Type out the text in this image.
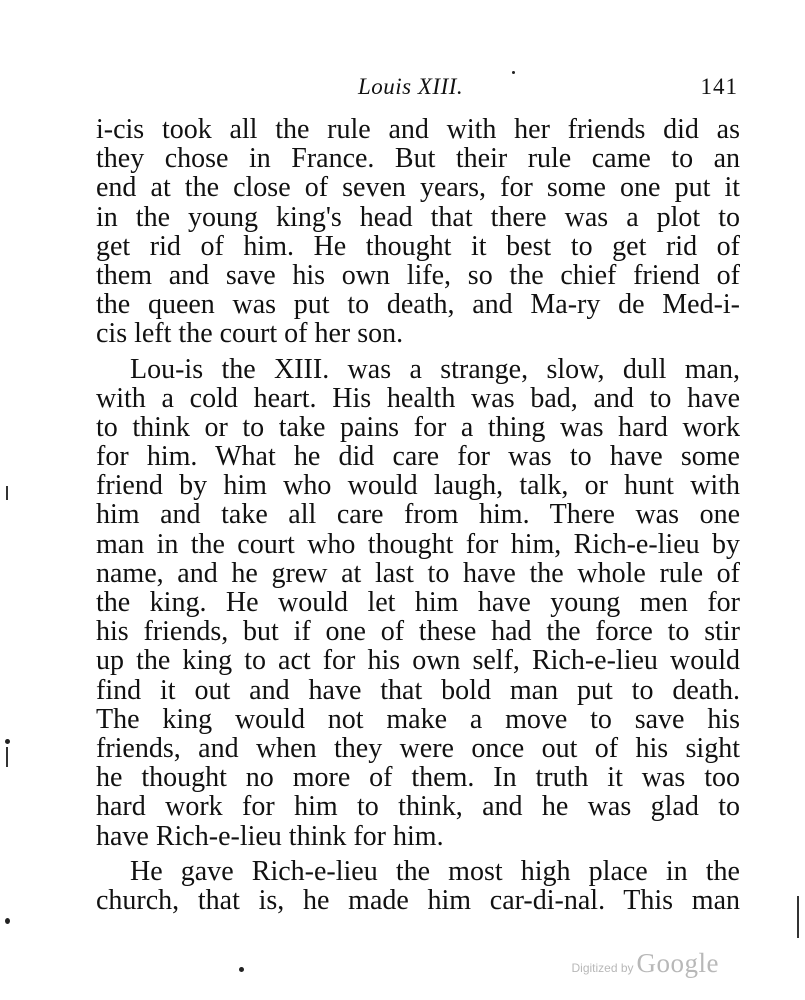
Louis XIII.	141
i-cis took all the rule and with her friends did as
they chose in France. But their rule came to an
end at the close of seven years, for some one put it
in the young king's head that there was a plot to
get rid of him. He thought it best to get rid of
them and save his own life, so the chief friend of
the queen was put to death, and Ma-ry de Med-i-
cis left the court of her son.
Lou-is the XIII. was a strange, slow, dull man,
with a cold heart. His health was bad, and to have
to think or to take pains for a thing was hard work
for him. What he did care for was to have some
friend by him who would laugh, talk, or hunt with
him and take all care from him. There was one
man in the court who thought for him, Rich-e-lieu by
name, and he grew at last to have the whole rule of
the king. He would let him have young men for
his friends, but if one of these had the force to stir
up the king to act for his own self, Rich-e-lieu would
find it out and have that bold man put to death.
The king would not make a move to save his
friends, and when they were once out of his sight
he thought no more of them. In truth it was too
hard work for him to think, and he was glad to
have Rich-e-lieu think for him.
He gave Rich-e-lieu the most high place in the
church, that is, he made him car-di-nal. This man
Digitized by Google
